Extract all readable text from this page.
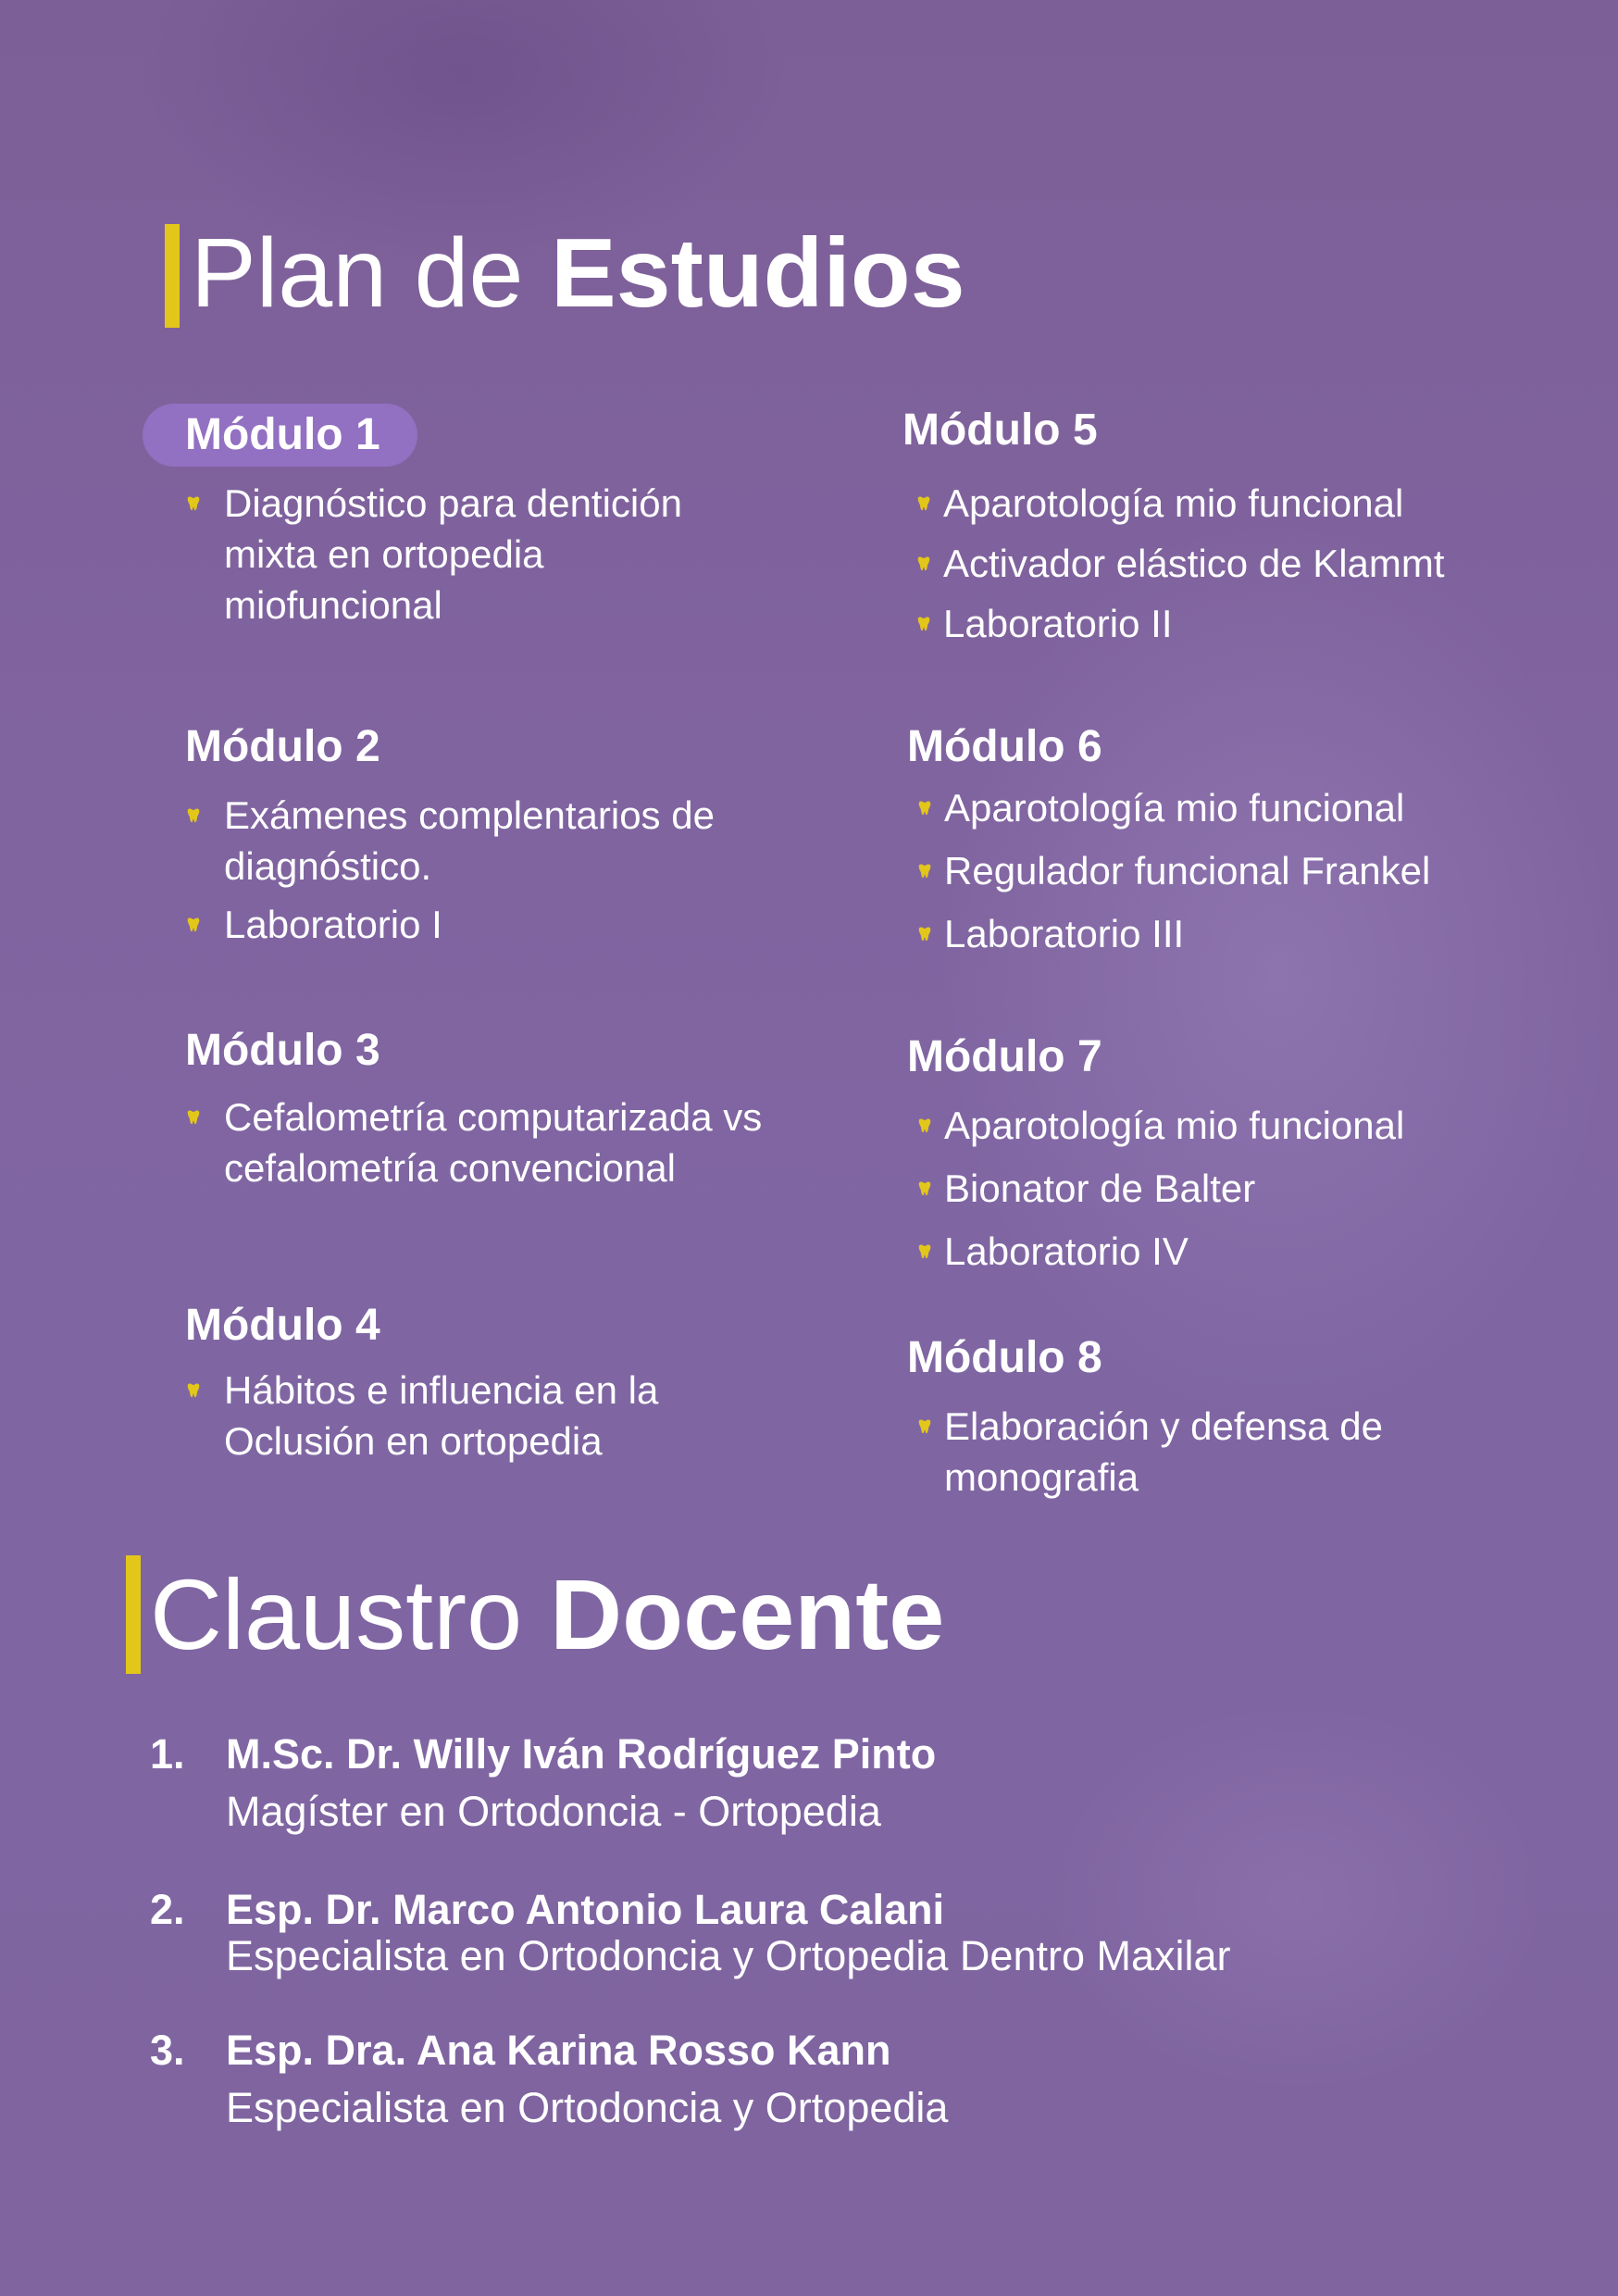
Plan de Estudios
Módulo 1
Diagnóstico para dentición mixta en ortopedia miofuncional
Módulo 2
Exámenes complentarios de diagnóstico.
Laboratorio I
Módulo 3
Cefalometría computarizada vs cefalometría convencional
Módulo 4
Hábitos e influencia en la Oclusión en ortopedia
Módulo 5
Aparotología mio funcional
Activador elástico de Klammt
Laboratorio II
Módulo 6
Aparotología mio funcional
Regulador funcional Frankel
Laboratorio III
Módulo 7
Aparotología mio funcional
Bionator de Balter
Laboratorio IV
Módulo 8
Elaboración y defensa de monografia
Claustro Docente
1. M.Sc. Dr. Willy Iván Rodríguez Pinto
Magíster en Ortodoncia - Ortopedia
2. Esp. Dr. Marco Antonio Laura Calani
Especialista en Ortodoncia y Ortopedia Dentro Maxilar
3. Esp. Dra. Ana Karina Rosso Kann
Especialista en Ortodoncia y Ortopedia
